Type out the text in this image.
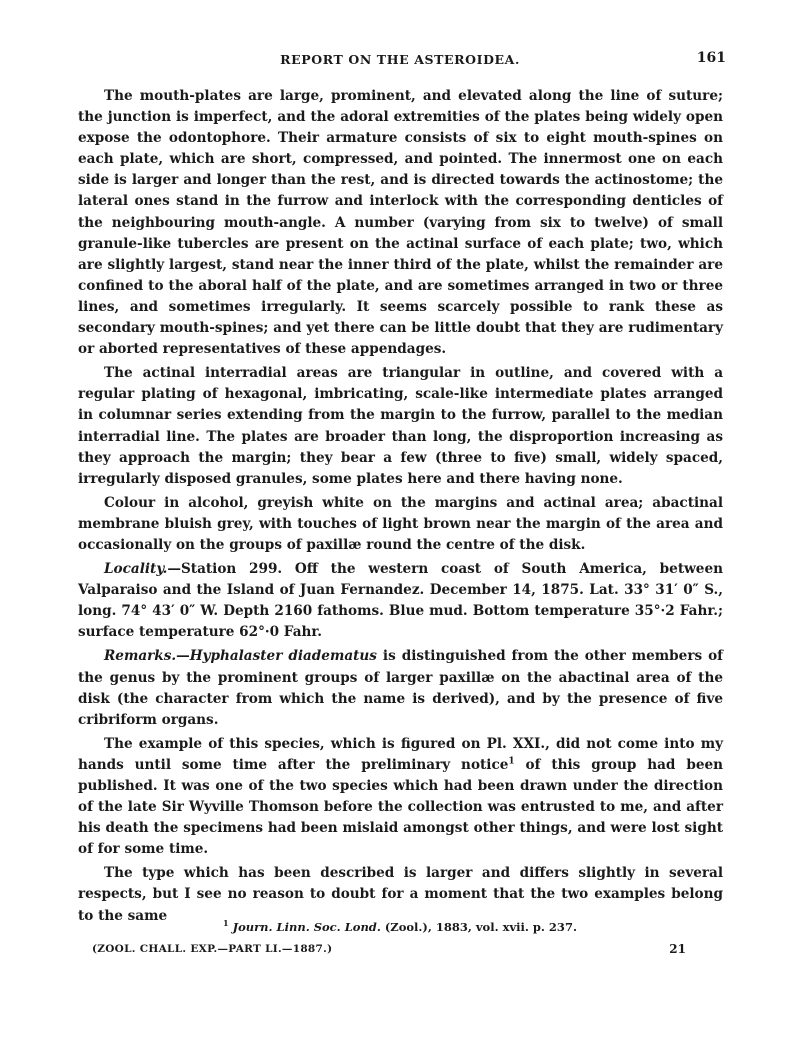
REPORT ON THE ASTEROIDEA.	161

The mouth-plates are large, prominent, and elevated along the line of suture; the junction is imperfect, and the adoral extremities of the plates being widely open expose the odontophore. Their armature consists of six to eight mouth-spines on each plate, which are short, compressed, and pointed. The innermost one on each side is larger and longer than the rest, and is directed towards the actinostome; the lateral ones stand in the furrow and interlock with the corresponding denticles of the neighbouring mouth-angle. A number (varying from six to twelve) of small granule-like tubercles are present on the actinal surface of each plate; two, which are slightly largest, stand near the inner third of the plate, whilst the remainder are confined to the aboral half of the plate, and are sometimes arranged in two or three lines, and sometimes irregularly. It seems scarcely possible to rank these as secondary mouth-spines; and yet there can be little doubt that they are rudimentary or aborted representatives of these appendages.

The actinal interradial areas are triangular in outline, and covered with a regular plating of hexagonal, imbricating, scale-like intermediate plates arranged in columnar series extending from the margin to the furrow, parallel to the median interradial line. The plates are broader than long, the disproportion increasing as they approach the margin; they bear a few (three to five) small, widely spaced, irregularly disposed granules, some plates here and there having none.

Colour in alcohol, greyish white on the margins and actinal area; abactinal membrane bluish grey, with touches of light brown near the margin of the area and occasionally on the groups of paxillæ round the centre of the disk.

Locality.—Station 299. Off the western coast of South America, between Valparaiso and the Island of Juan Fernandez. December 14, 1875. Lat. 33° 31′ 0″ S., long. 74° 43′ 0″ W. Depth 2160 fathoms. Blue mud. Bottom temperature 35°·2 Fahr.; surface temperature 62°·0 Fahr.

Remarks.—Hyphalaster diadematus is distinguished from the other members of the genus by the prominent groups of larger paxillæ on the abactinal area of the disk (the character from which the name is derived), and by the presence of five cribriform organs.

The example of this species, which is figured on Pl. XXI., did not come into my hands until some time after the preliminary notice$^1$ of this group had been published. It was one of the two species which had been drawn under the direction of the late Sir Wyville Thomson before the collection was entrusted to me, and after his death the specimens had been mislaid amongst other things, and were lost sight of for some time.

The type which has been described is larger and differs slightly in several respects, but I see no reason to doubt for a moment that the two examples belong to the same	$^1$ Journ. Linn. Soc. Lond. (Zool.), 1883, vol. xvii. p. 237.
(ZOOL. CHALL. EXP.—PART LI.—1887.)	21
